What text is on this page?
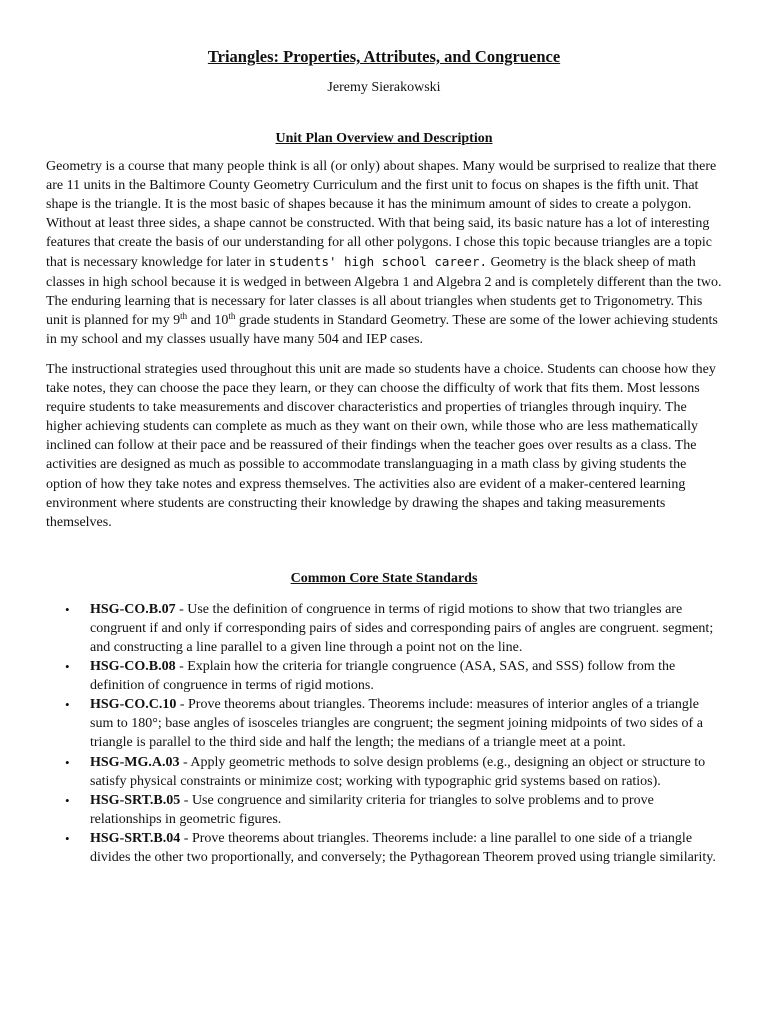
Triangles: Properties, Attributes, and Congruence

Jeremy Sierakowski

Unit Plan Overview and Description

Geometry is a course that many people think is all (or only) about shapes. Many would be surprised to realize that there are 11 units in the Baltimore County Geometry Curriculum and the first unit to focus on shapes is the fifth unit. That shape is the triangle. It is the most basic of shapes because it has the minimum amount of sides to create a polygon. Without at least three sides, a shape cannot be constructed. With that being said, its basic nature has a lot of interesting features that create the basis of our understanding for all other polygons. I chose this topic because triangles are a topic that is necessary knowledge for later in students' high school career. Geometry is the black sheep of math classes in high school because it is wedged in between Algebra 1 and Algebra 2 and is completely different than the two. The enduring learning that is necessary for later classes is all about triangles when students get to Trigonometry. This unit is planned for my 9th and 10th grade students in Standard Geometry. These are some of the lower achieving students in my school and my classes usually have many 504 and IEP cases.

The instructional strategies used throughout this unit are made so students have a choice. Students can choose how they take notes, they can choose the pace they learn, or they can choose the difficulty of work that fits them. Most lessons require students to take measurements and discover characteristics and properties of triangles through inquiry. The higher achieving students can complete as much as they want on their own, while those who are less mathematically inclined can follow at their pace and be reassured of their findings when the teacher goes over results as a class. The activities are designed as much as possible to accommodate translanguaging in a math class by giving students the option of how they take notes and express themselves. The activities also are evident of a maker-centered learning environment where students are constructing their knowledge by drawing the shapes and taking measurements themselves.

Common Core State Standards
• HSG-CO.B.07 - Use the definition of congruence in terms of rigid motions to show that two triangles are congruent if and only if corresponding pairs of sides and corresponding pairs of angles are congruent. segment; and constructing a line parallel to a given line through a point not on the line.
• HSG-CO.B.08 - Explain how the criteria for triangle congruence (ASA, SAS, and SSS) follow from the definition of congruence in terms of rigid motions.
• HSG-CO.C.10 - Prove theorems about triangles. Theorems include: measures of interior angles of a triangle sum to 180°; base angles of isosceles triangles are congruent; the segment joining midpoints of two sides of a triangle is parallel to the third side and half the length; the medians of a triangle meet at a point.
• HSG-MG.A.03 - Apply geometric methods to solve design problems (e.g., designing an object or structure to satisfy physical constraints or minimize cost; working with typographic grid systems based on ratios).
• HSG-SRT.B.05 - Use congruence and similarity criteria for triangles to solve problems and to prove relationships in geometric figures.
• HSG-SRT.B.04 - Prove theorems about triangles. Theorems include: a line parallel to one side of a triangle divides the other two proportionally, and conversely; the Pythagorean Theorem proved using triangle similarity.
